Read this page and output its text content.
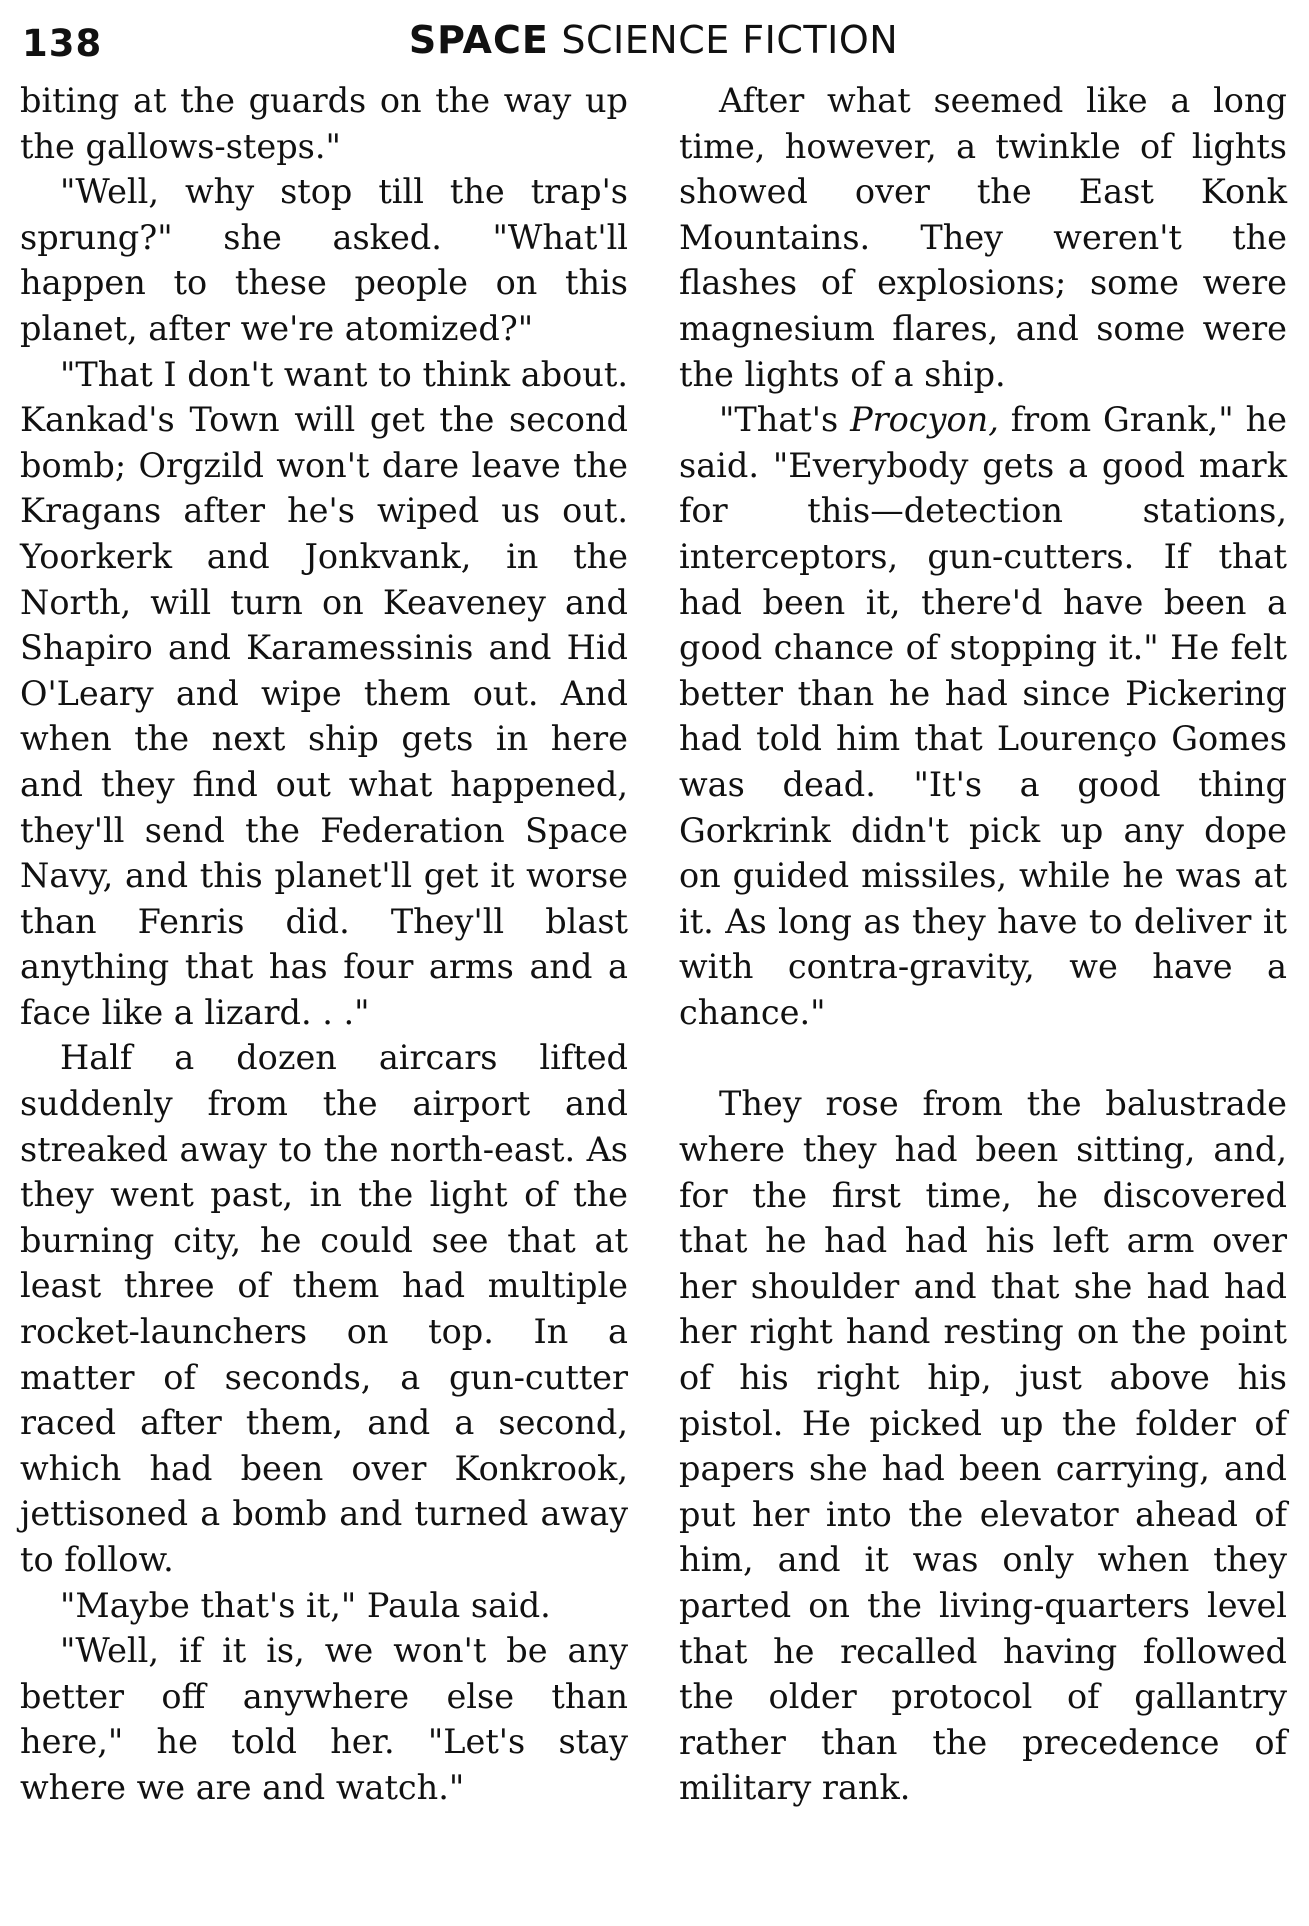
138	SPACE SCIENCE FICTION

biting at the guards on the way up the gallows-steps."

"Well, why stop till the trap's sprung?" she asked. "What'll happen to these people on this planet, after we're atomized?"

"That I don't want to think about. Kankad's Town will get the second bomb; Orgzild won't dare leave the Kragans after he's wiped us out. Yoorkerk and Jonkvank, in the North, will turn on Keaveney and Shapiro and Karamessinis and Hid O'Leary and wipe them out. And when the next ship gets in here and they find out what happened, they'll send the Federation Space Navy, and this planet'll get it worse than Fenris did. They'll blast anything that has four arms and a face like a lizard. . ."

Half a dozen aircars lifted suddenly from the airport and streaked away to the north-east. As they went past, in the light of the burning city, he could see that at least three of them had multiple rocket-launchers on top. In a matter of seconds, a gun-cutter raced after them, and a second, which had been over Konkrook, jettisoned a bomb and turned away to follow.

"Maybe that's it," Paula said.

"Well, if it is, we won't be any better off anywhere else than here," he told her. "Let's stay where we are and watch."

After what seemed like a long time, however, a twinkle of lights showed over the East Konk Mountains. They weren't the flashes of explosions; some were magnesium flares, and some were the lights of a ship.

"That's Procyon, from Grank," he said. "Everybody gets a good mark for this—detection stations, interceptors, gun-cutters. If that had been it, there'd have been a good chance of stopping it." He felt better than he had since Pickering had told him that Lourenço Gomes was dead. "It's a good thing Gorkrink didn't pick up any dope on guided missiles, while he was at it. As long as they have to deliver it with contra-gravity, we have a chance."

They rose from the balustrade where they had been sitting, and, for the first time, he discovered that he had had his left arm over her shoulder and that she had had her right hand resting on the point of his right hip, just above his pistol. He picked up the folder of papers she had been carrying, and put her into the elevator ahead of him, and it was only when they parted on the living-quarters level that he recalled having followed the older protocol of gallantry rather than the precedence of military rank.
